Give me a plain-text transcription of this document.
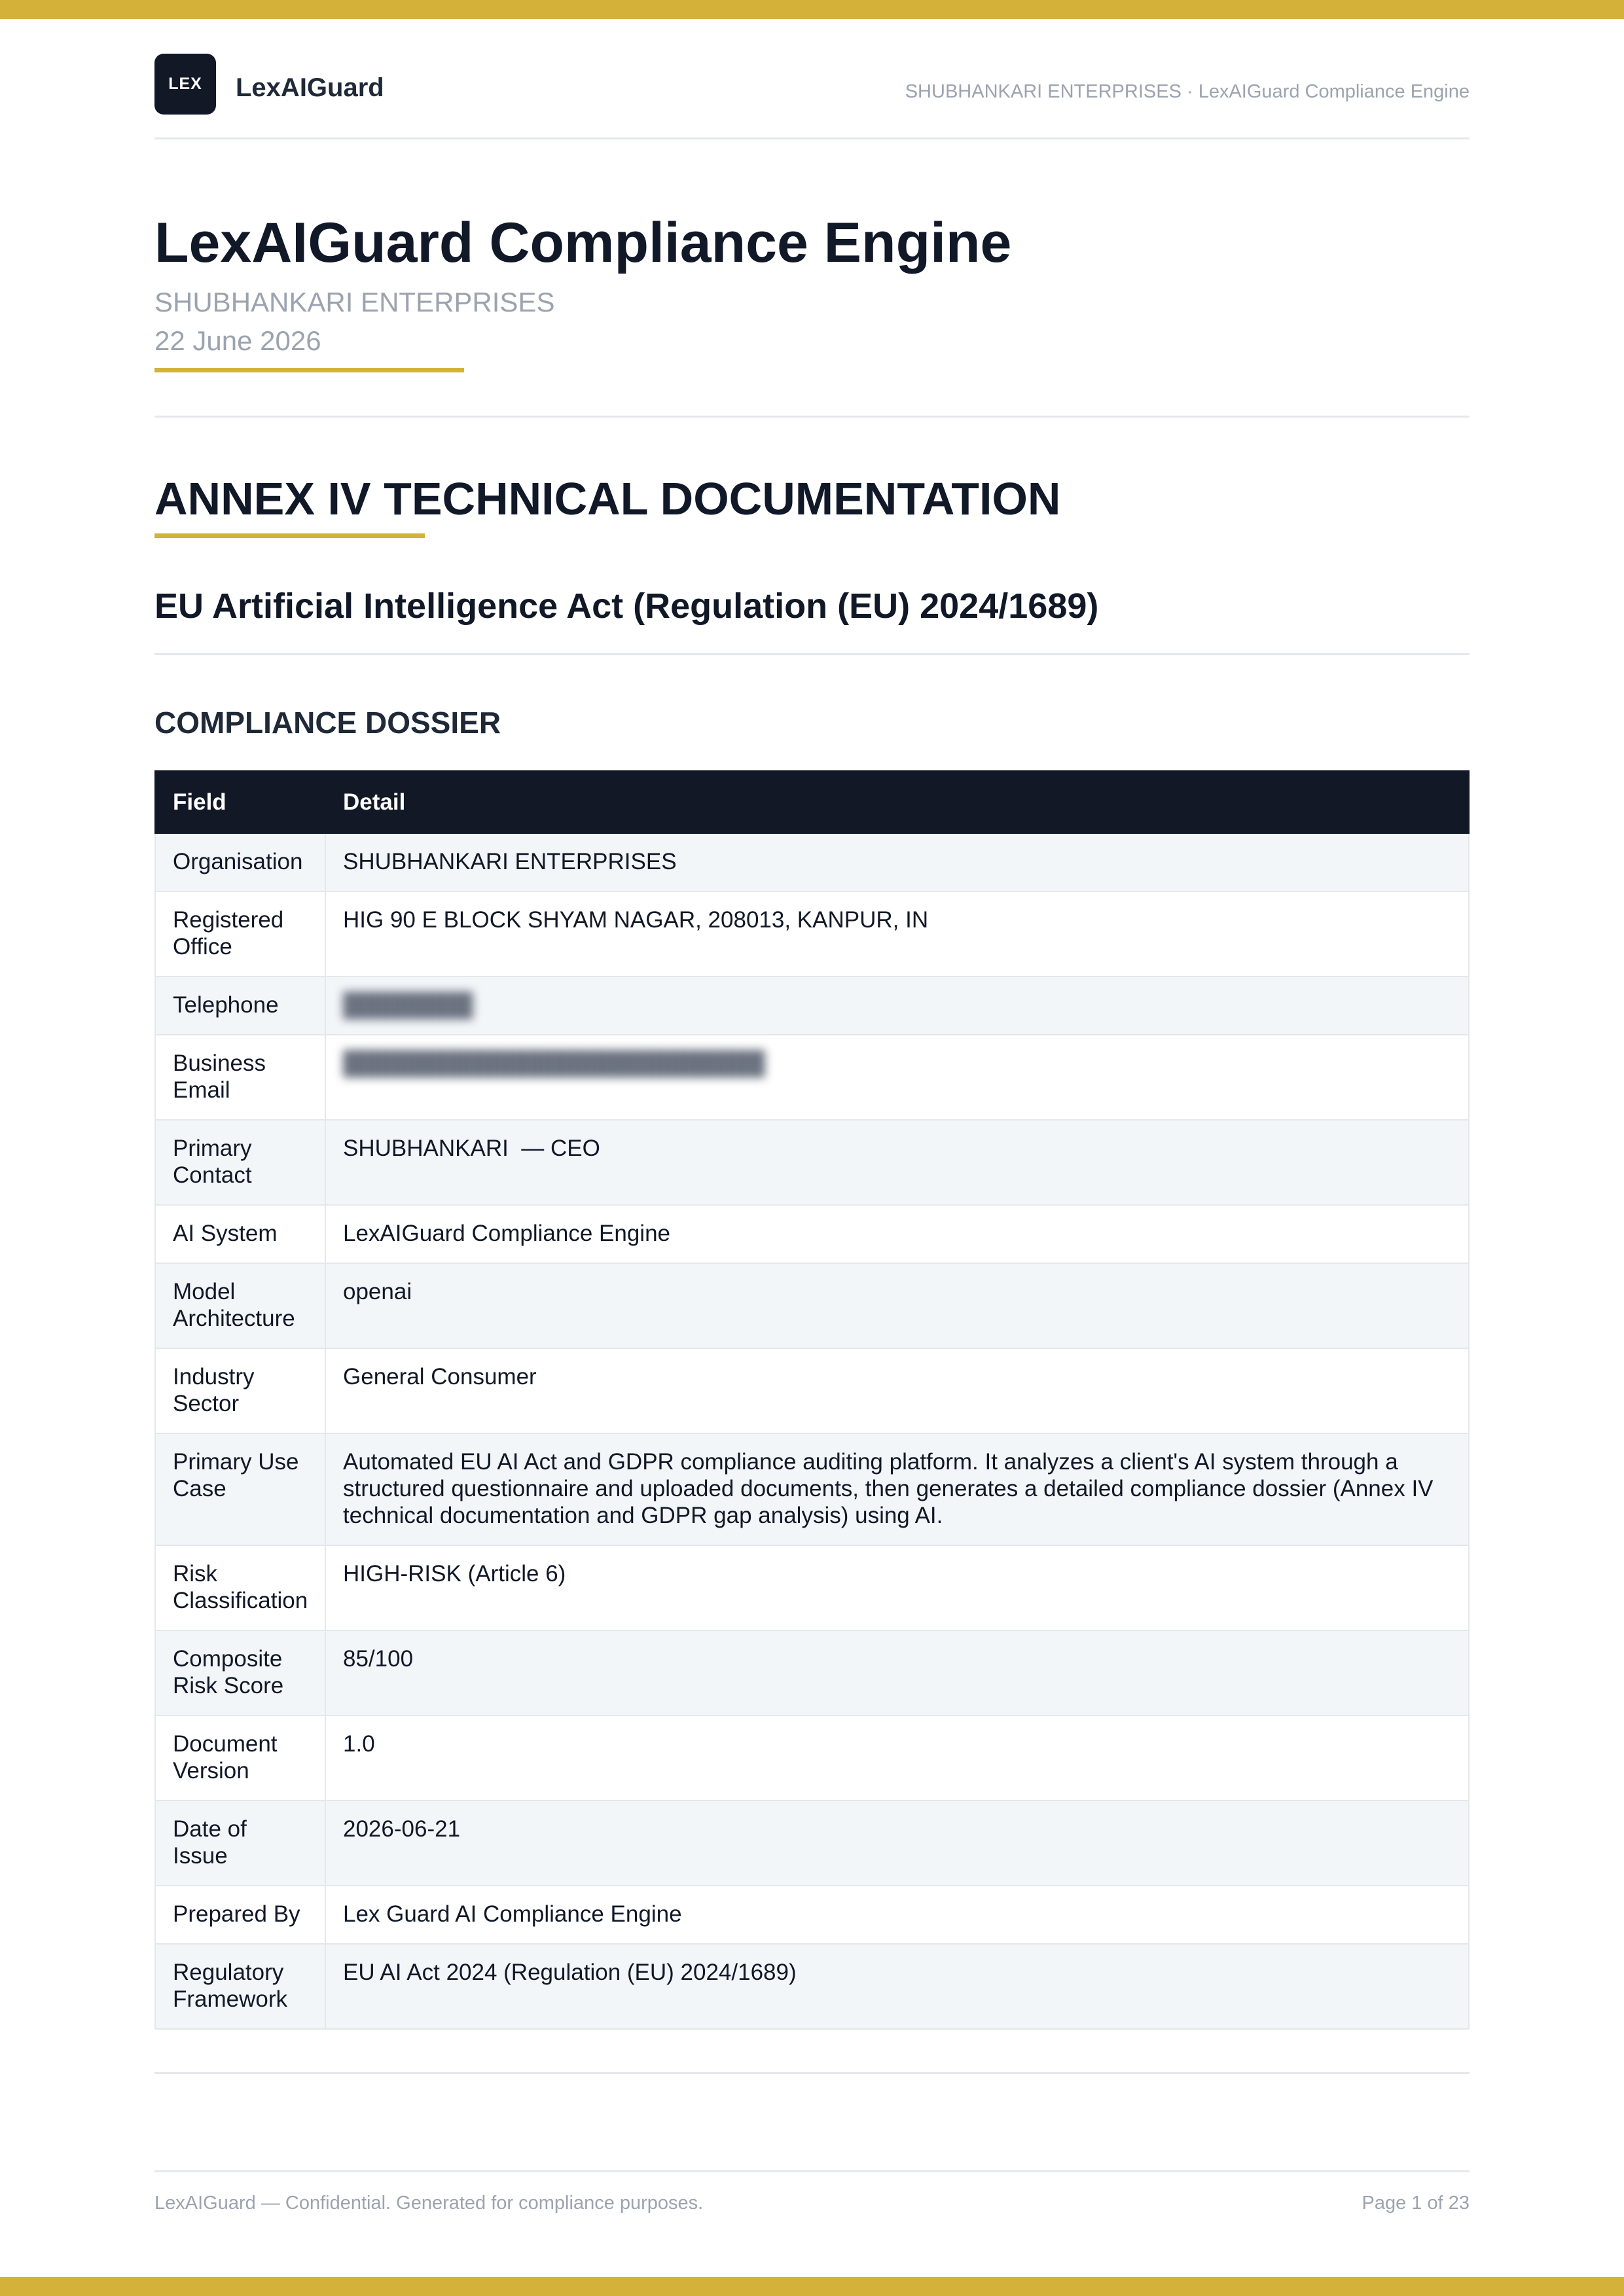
LEX	LexAIGuard	SHUBHANKARI ENTERPRISES · LexAIGuard Compliance Engine
LexAIGuard Compliance Engine
SHUBHANKARI ENTERPRISES
22 June 2026
ANNEX IV TECHNICAL DOCUMENTATION
EU Artificial Intelligence Act (Regulation (EU) 2024/1689)
COMPLIANCE DOSSIER
Field	Detail
Organisation	SHUBHANKARI ENTERPRISES
Registered Office	HIG 90 E BLOCK SHYAM NAGAR, 208013, KANPUR, IN
Telephone	████████
Business Email	██████████████████████████
Primary Contact	SHUBHANKARI  — CEO
AI System	LexAIGuard Compliance Engine
Model Architecture	openai
Industry Sector	General Consumer
Primary Use Case	Automated EU AI Act and GDPR compliance auditing platform. It analyzes a client's AI system through a structured questionnaire and uploaded documents, then generates a detailed compliance dossier (Annex IV technical documentation and GDPR gap analysis) using AI.
Risk Classification	HIGH-RISK (Article 6)
Composite Risk Score	85/100
Document Version	1.0
Date of Issue	2026-06-21
Prepared By	Lex Guard AI Compliance Engine
Regulatory Framework	EU AI Act 2024 (Regulation (EU) 2024/1689)
LexAIGuard — Confidential. Generated for compliance purposes.	Page 1 of 23
